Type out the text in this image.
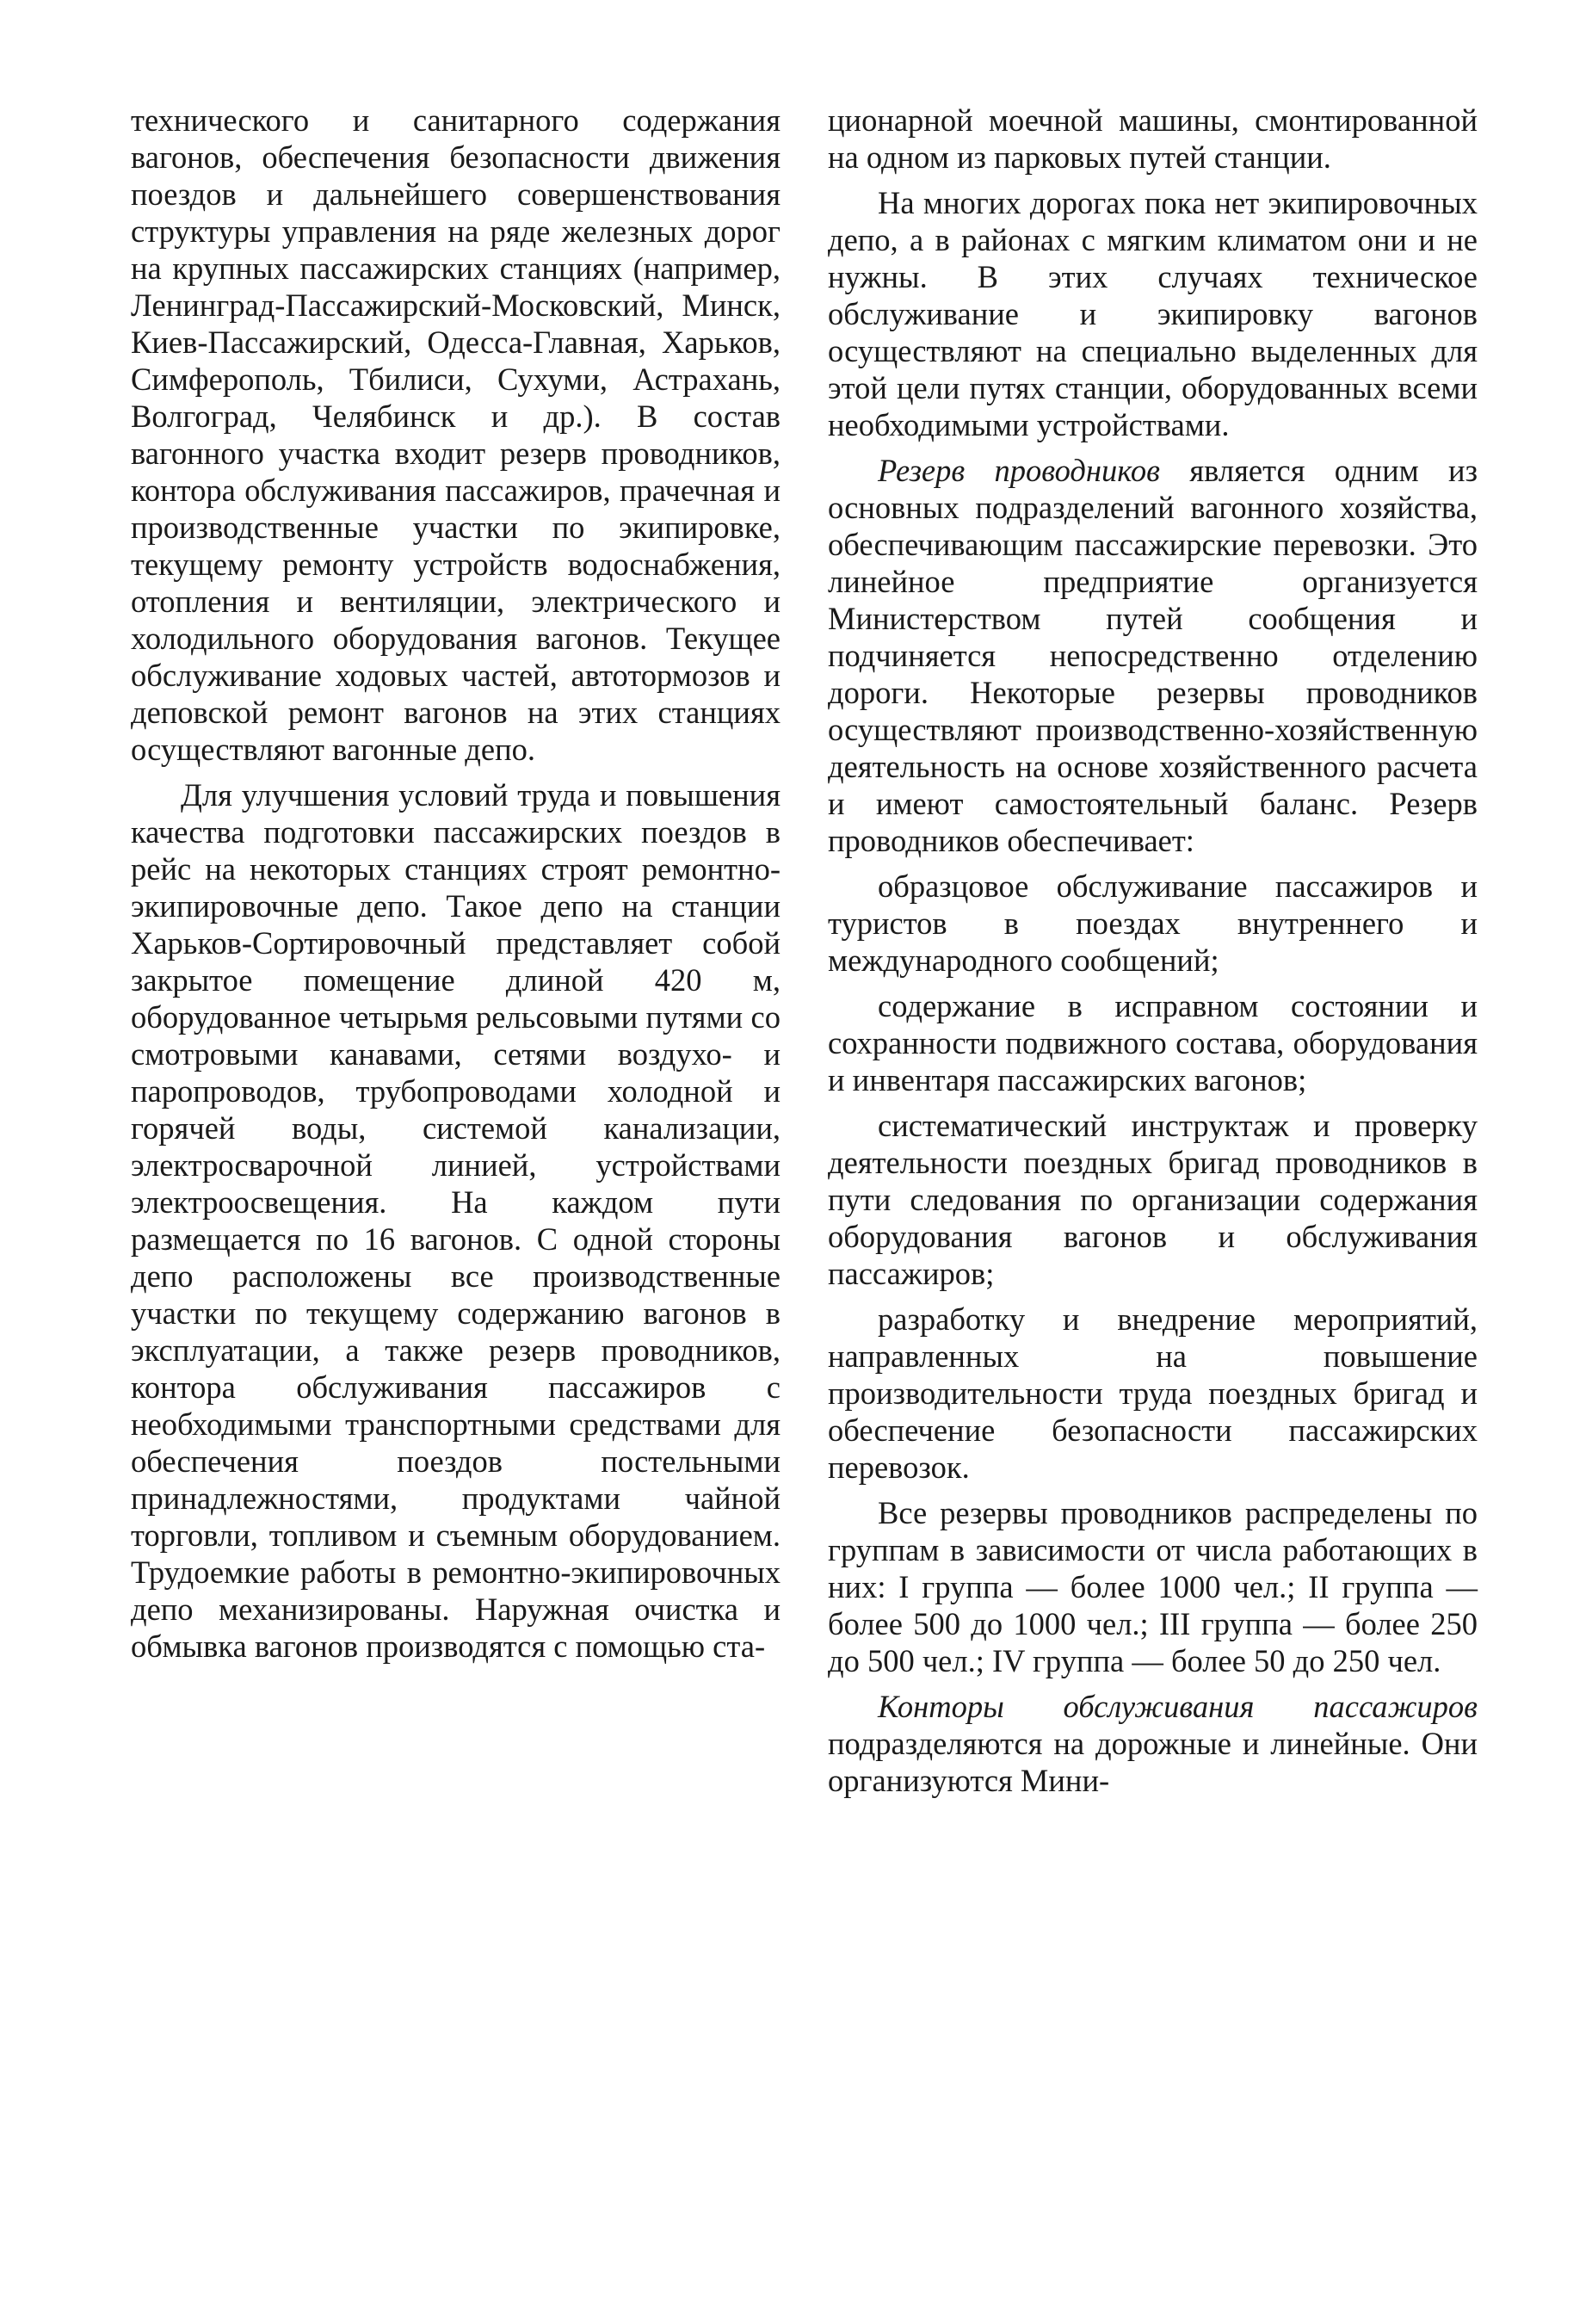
технического и санитарного содержания вагонов, обеспечения безопасности движения поездов и дальнейшего совершенствования структуры управления на ряде железных дорог на крупных пассажирских станциях (например, Ленинград-Пассажирский-Московский, Минск, Киев-Пассажирский, Одесса-Главная, Харьков, Симферополь, Тбилиси, Сухуми, Астрахань, Волгоград, Челябинск и др.). В состав вагонного участка входит резерв проводников, контора обслуживания пассажиров, прачечная и производственные участки по экипировке, текущему ремонту устройств водоснабжения, отопления и вентиляции, электрического и холодильного оборудования вагонов. Текущее обслуживание ходовых частей, автотормозов и деповской ремонт вагонов на этих станциях осуществляют вагонные депо.

Для улучшения условий труда и повышения качества подготовки пассажирских поездов в рейс на некоторых станциях строят ремонтно-экипировочные депо. Такое депо на станции Харьков-Сортировочный представляет собой закрытое помещение длиной 420 м, оборудованное четырьмя рельсовыми путями со смотровыми канавами, сетями воздухо- и паропроводов, трубопроводами холодной и горячей воды, системой канализации, электросварочной линией, устройствами электроосвещения. На каждом пути размещается по 16 вагонов. С одной стороны депо расположены все производственные участки по текущему содержанию вагонов в эксплуатации, а также резерв проводников, контора обслуживания пассажиров с необходимыми транспортными средствами для обеспечения поездов постельными принадлежностями, продуктами чайной торговли, топливом и съемным оборудованием. Трудоемкие работы в ремонтно-экипировочных депо механизированы. Наружная очистка и обмывка вагонов производятся с помощью ста-

ционарной моечной машины, смонтированной на одном из парковых путей станции.

На многих дорогах пока нет экипировочных депо, а в районах с мягким климатом они и не нужны. В этих случаях техническое обслуживание и экипировку вагонов осуществляют на специально выделенных для этой цели путях станции, оборудованных всеми необходимыми устройствами.

Резерв проводников является одним из основных подразделений вагонного хозяйства, обеспечивающим пассажирские перевозки. Это линейное предприятие организуется Министерством путей сообщения и подчиняется непосредственно отделению дороги. Некоторые резервы проводников осуществляют производственно-хозяйственную деятельность на основе хозяйственного расчета и имеют самостоятельный баланс. Резерв проводников обеспечивает:

образцовое обслуживание пассажиров и туристов в поездах внутреннего и международного сообщений;

содержание в исправном состоянии и сохранности подвижного состава, оборудования и инвентаря пассажирских вагонов;

систематический инструктаж и проверку деятельности поездных бригад проводников в пути следования по организации содержания оборудования вагонов и обслуживания пассажиров;

разработку и внедрение мероприятий, направленных на повышение производительности труда поездных бригад и обеспечение безопасности пассажирских перевозок.

Все резервы проводников распределены по группам в зависимости от числа работающих в них: I группа — более 1000 чел.; II группа — более 500 до 1000 чел.; III группа — более 250 до 500 чел.; IV группа — более 50 до 250 чел.

Конторы обслуживания пассажиров подразделяются на дорожные и линейные. Они организуются Мини-
